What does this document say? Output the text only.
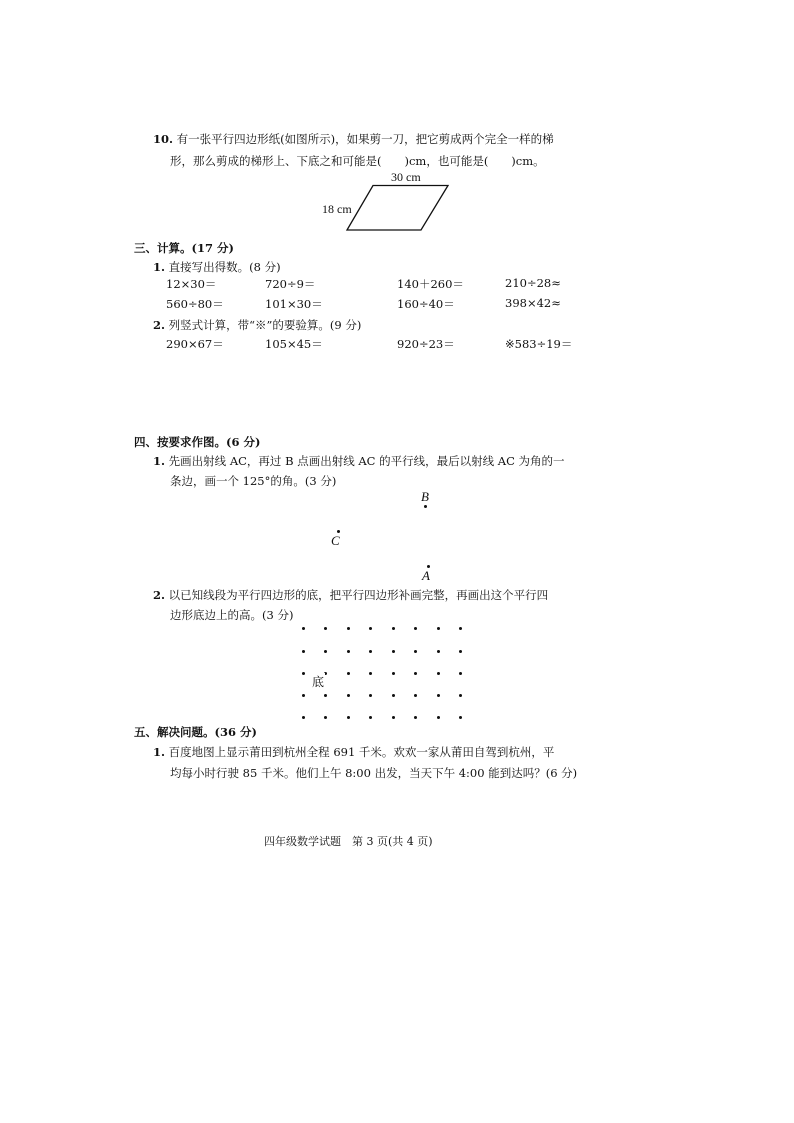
10. 有一张平行四边形纸(如图所示)，如果剪一刀，把它剪成两个完全一样的梯
形，那么剪成的梯形上、下底之和可能是(　　)cm，也可能是(　　)cm。
30 cm
18 cm
三、计算。(17 分)
1. 直接写出得数。(8 分)
12×30＝	720÷9＝	140＋260＝	210÷28≈
560÷80＝	101×30＝	160÷40＝	398×42≈
2. 列竖式计算，带“※”的要验算。(9 分)
290×67＝	105×45＝	920÷23＝	※583÷19＝
四、按要求作图。(6 分)
1. 先画出射线 AC，再过 B 点画出射线 AC 的平行线，最后以射线 AC 为角的一
条边，画一个 125°的角。(3 分)
B
C
A
2. 以已知线段为平行四边形的底，把平行四边形补画完整，再画出这个平行四
边形底边上的高。(3 分)
底
五、解决问题。(36 分)
1. 百度地图上显示莆田到杭州全程 691 千米。欢欢一家从莆田自驾到杭州，平
均每小时行驶 85 千米。他们上午 8:00 出发，当天下午 4:00 能到达吗？(6 分)
四年级数学试题　第 3 页(共 4 页)
